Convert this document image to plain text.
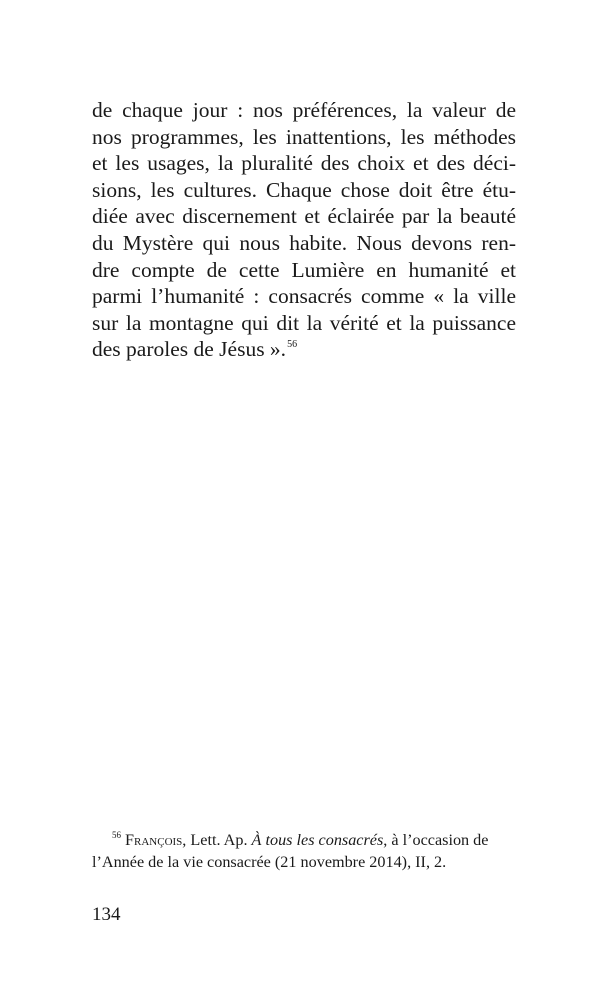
de chaque jour : nos préférences, la valeur de
nos programmes, les inattentions, les méthodes
et les usages, la pluralité des choix et des déci-
sions, les cultures. Chaque chose doit être étu-
diée avec discernement et éclairée par la beauté
du Mystère qui nous habite. Nous devons ren-
dre compte de cette Lumière en humanité et
parmi l’humanité : consacrés comme « la ville
sur la montagne qui dit la vérité et la puissance
des paroles de Jésus ».$^{56}$
$^{56}$ François, Lett. Ap. À tous les consacrés, à l’occasion de
l’Année de la vie consacrée (21 novembre 2014), II, 2.
134
